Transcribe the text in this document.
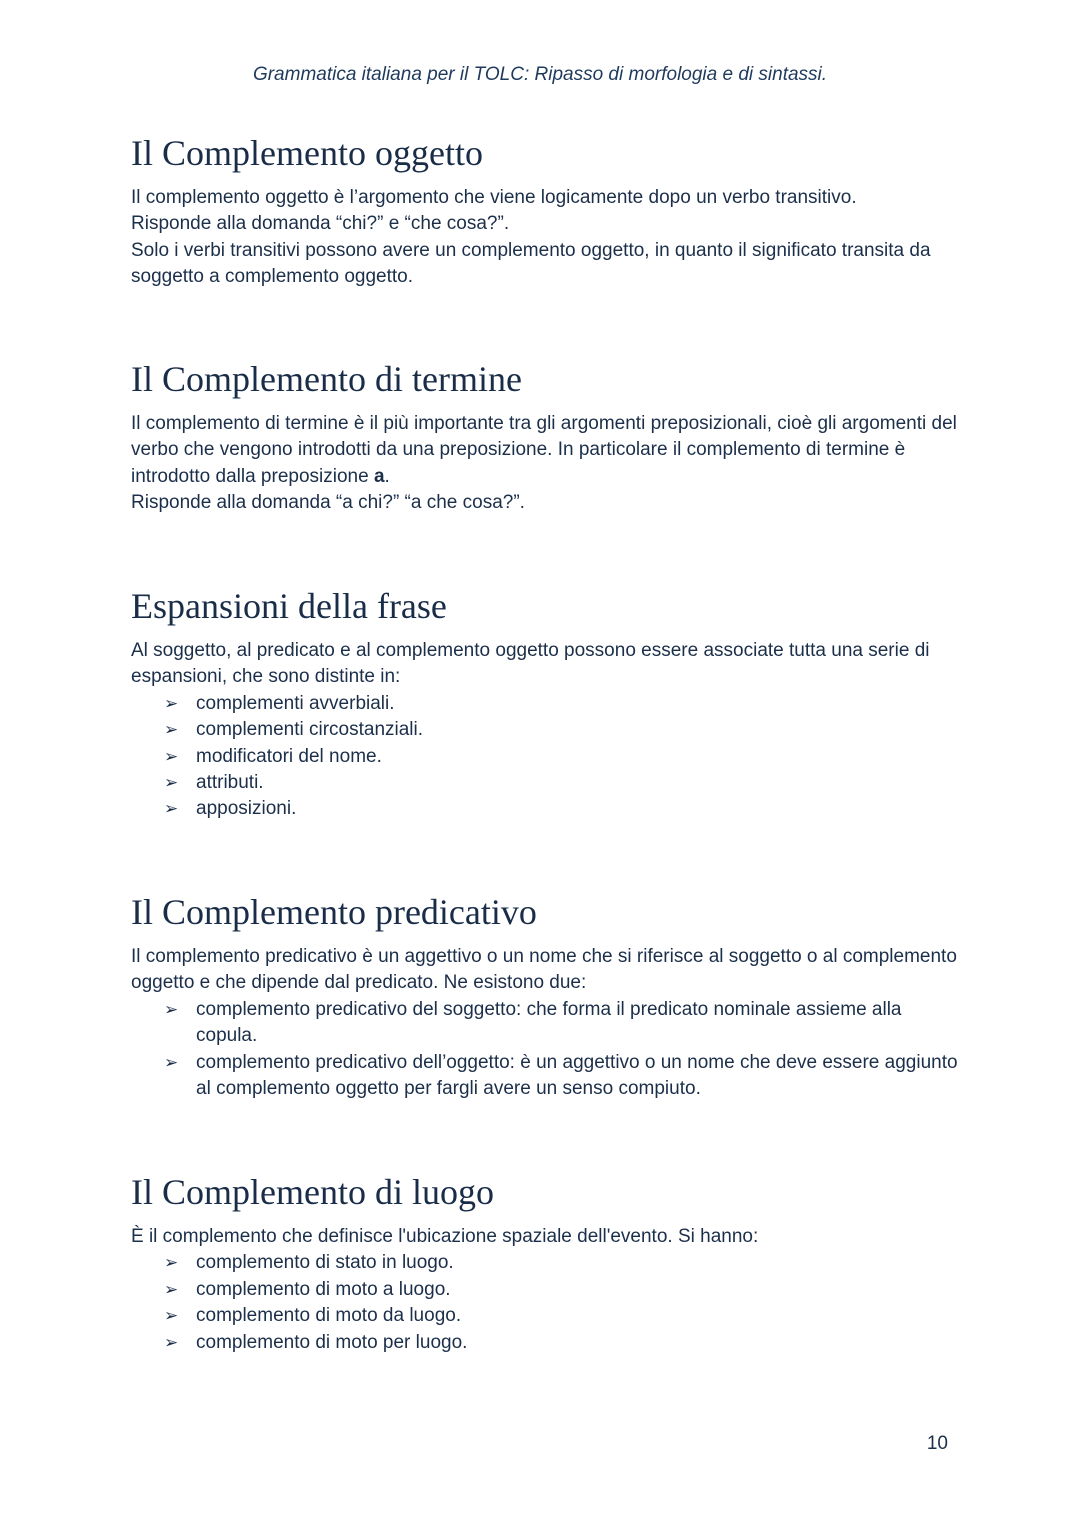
Grammatica italiana per il TOLC: Ripasso di morfologia e di sintassi.
Il Complemento oggetto

Il complemento oggetto è l’argomento che viene logicamente dopo un verbo transitivo.
Risponde alla domanda “chi?” e “che cosa?”.
Solo i verbi transitivi possono avere un complemento oggetto, in quanto il significato transita da soggetto a complemento oggetto.

Il Complemento di termine

Il complemento di termine è il più importante tra gli argomenti preposizionali, cioè gli argomenti del verbo che vengono introdotti da una preposizione. In particolare il complemento di termine è introdotto dalla preposizione a.
Risponde alla domanda “a chi?” “a che cosa?”.

Espansioni della frase

Al soggetto, al predicato e al complemento oggetto possono essere associate tutta una serie di espansioni, che sono distinte in:

➢ complementi avverbiali.
➢ complementi circostanziali.
➢ modificatori del nome.
➢ attributi.
➢ apposizioni.
Il Complemento predicativo

Il complemento predicativo è un aggettivo o un nome che si riferisce al soggetto o al complemento oggetto e che dipende dal predicato. Ne esistono due:

➢ complemento predicativo del soggetto: che forma il predicato nominale assieme alla copula.
➢ complemento predicativo dell’oggetto: è un aggettivo o un nome che deve essere aggiunto al complemento oggetto per fargli avere un senso compiuto.
Il Complemento di luogo

È il complemento che definisce l'ubicazione spaziale dell'evento. Si hanno:

➢ complemento di stato in luogo.
➢ complemento di moto a luogo.
➢ complemento di moto da luogo.
➢ complemento di moto per luogo.
10
